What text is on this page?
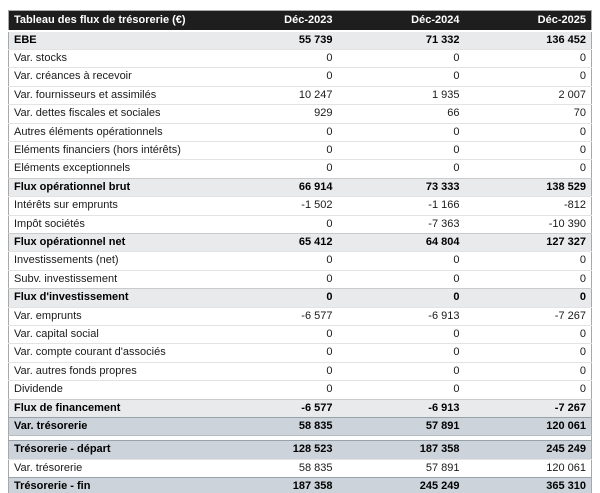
Tableau des flux de trésorerie (€)	Déc-2023	Déc-2024	Déc-2025
EBE	55 739	71 332	136 452
Var. stocks	0	0	0
Var. créances à recevoir	0	0	0
Var. fournisseurs et assimilés	10 247	1 935	2 007
Var. dettes fiscales et sociales	929	66	70
Autres éléments opérationnels	0	0	0
Eléments financiers (hors intérêts)	0	0	0
Eléments exceptionnels	0	0	0
Flux opérationnel brut	66 914	73 333	138 529
Intérêts sur emprunts	-1 502	-1 166	-812
Impôt sociétés	0	-7 363	-10 390
Flux opérationnel net	65 412	64 804	127 327
Investissements (net)	0	0	0
Subv. investissement	0	0	0
Flux d'investissement	0	0	0
Var. emprunts	-6 577	-6 913	-7 267
Var. capital social	0	0	0
Var. compte courant d'associés	0	0	0
Var. autres fonds propres	0	0	0
Dividende	0	0	0
Flux de financement	-6 577	-6 913	-7 267
Var. trésorerie	58 835	57 891	120 061

Trésorerie - départ	128 523	187 358	245 249
Var. trésorerie	58 835	57 891	120 061
Trésorerie - fin	187 358	245 249	365 310
